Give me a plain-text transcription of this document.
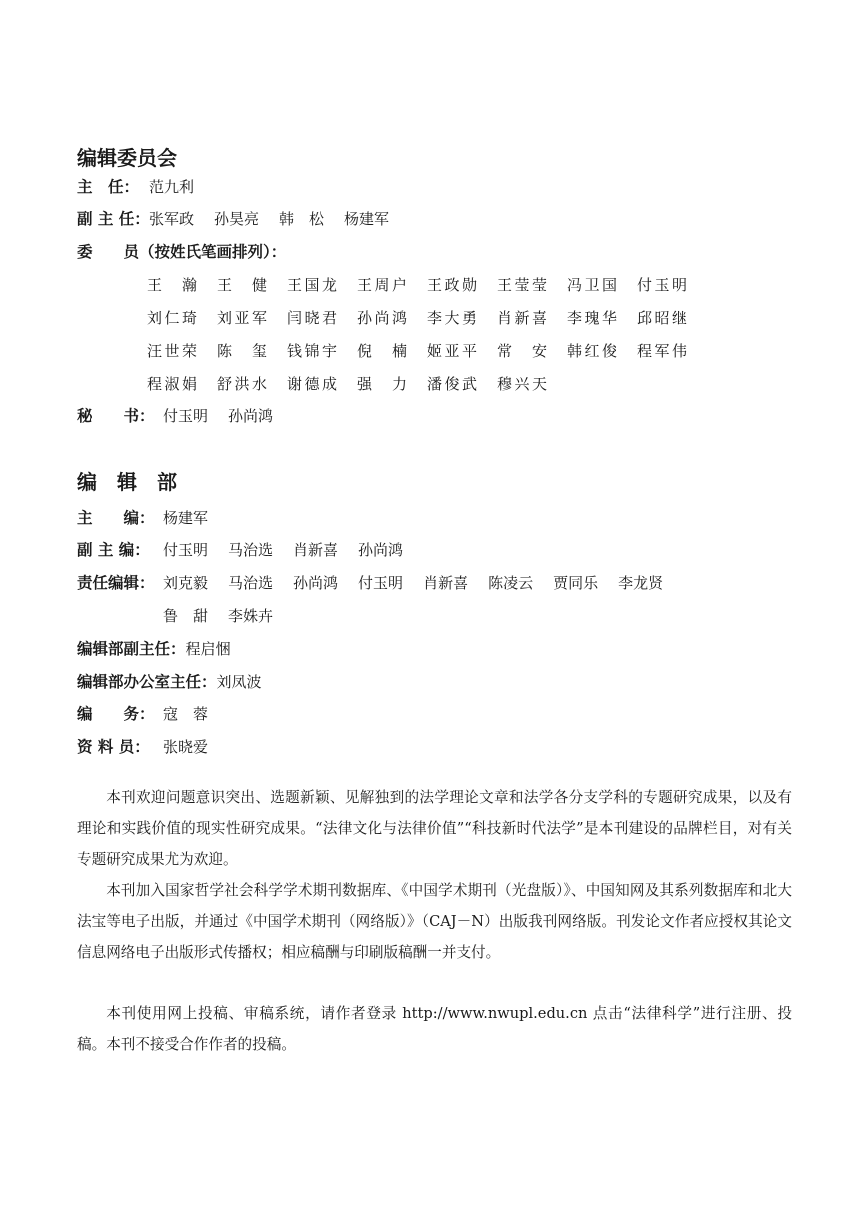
编辑委员会
主　任： 范九利
副 主 任： 张军政 孙昊亮 韩　松 杨建军
委　　员 （按姓氏笔画排列）：
王　瀚 王　健 王国龙 王周户 王政勋 王莹莹 冯卫国 付玉明
刘仁琦 刘亚军 闫晓君 孙尚鸿 李大勇 肖新喜 李瑰华 邱昭继
汪世荣 陈　玺 钱锦宇 倪　楠 姬亚平 常　安 韩红俊 程军伟
程淑娟 舒洪水 谢德成 强　力 潘俊武 穆兴天
秘　　书： 付玉明 孙尚鸿
编　辑　部
主　　编： 杨建军
副 主 编： 付玉明 马治选 肖新喜 孙尚鸿
责任编辑： 刘克毅 马治选 孙尚鸿 付玉明 肖新喜 陈凌云 贾同乐 李龙贤
鲁　甜 李姝卉
编辑部副主任： 程启悃
编辑部办公室主任： 刘凤波
编　　务： 寇　蓉
资 料 员： 张晓爱

本刊欢迎问题意识突出、选题新颖、见解独到的法学理论文章和法学各分支学科的专题研究成果，以及有理论和实践价值的现实性研究成果。“法律文化与法律价值”“科技新时代法学”是本刊建设的品牌栏目，对有关专题研究成果尤为欢迎。

本刊加入国家哲学社会科学学术期刊数据库、《中国学术期刊（光盘版）》、中国知网及其系列数据库和北大法宝等电子出版，并通过《中国学术期刊（网络版）》（CAJ－N）出版我刊网络版。刊发论文作者应授权其论文信息网络电子出版形式传播权；相应稿酬与印刷版稿酬一并支付。

本刊使用网上投稿、审稿系统，请作者登录 http://www.nwupl.edu.cn 点击“法律科学”进行注册、投稿。本刊不接受合作作者的投稿。
